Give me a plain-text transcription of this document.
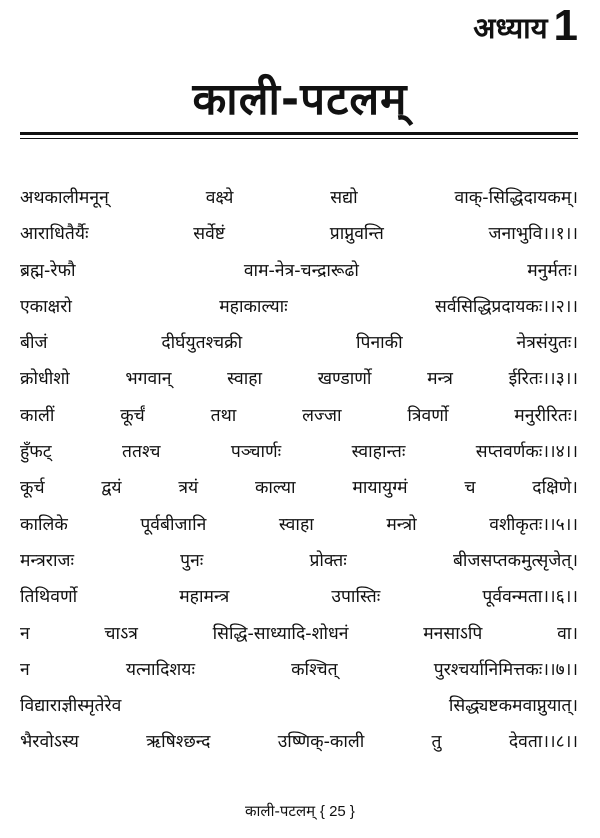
अध्याय 1
काली-पटलम्
अथकालीमनून्	वक्ष्ये	सद्यो	वाक्-सिद्धिदायकम्।
आराधितैर्यैः	सर्वेष्टं	प्राप्नुवन्ति	जनाभुवि।।१।।
ब्रह्म-रेफौ	वाम-नेत्र-चन्द्रारूढो	मनुर्मतः।
एकाक्षरो	महाकाल्याः	सर्वसिद्धिप्रदायकः।।२।।
बीजं	दीर्घयुतश्चक्री	पिनाकी	नेत्रसंयुतः।
क्रोधीशो	भगवान्	स्वाहा	खण्डार्णो	मन्त्र	ईरितः।।३।।
कालीं	कूर्चं	तथा	लज्जा	त्रिवर्णो	मनुरीरितः।
हुँफट्	ततश्च	पञ्चार्णः	स्वाहान्तः	सप्तवर्णकः।।४।।
कूर्च	द्वयं	त्रयं	काल्या	मायायुग्मं	च	दक्षिणे।
कालिके	पूर्वबीजानि	स्वाहा	मन्त्रो	वशीकृतः।।५।।
मन्त्रराजः	पुनः	प्रोक्तः	बीजसप्तकमुत्सृजेत्।
तिथिवर्णो	महामन्त्र	उपास्तिः	पूर्ववन्मता।।६।।
न	चाऽत्र	सिद्धि-साध्यादि-शोधनं	मनसाऽपि	वा।
न	यत्नादिशयः	कश्चित्	पुरश्चर्यानिमित्तकः।।७।।
विद्याराज्ञीस्मृतेरेव	सिद्ध्यष्टकमवाप्नुयात्।
भैरवोऽस्य	ऋषिश्छन्द	उष्णिक्-काली	तु	देवता।।८।।
काली-पटलम् { 25 }
